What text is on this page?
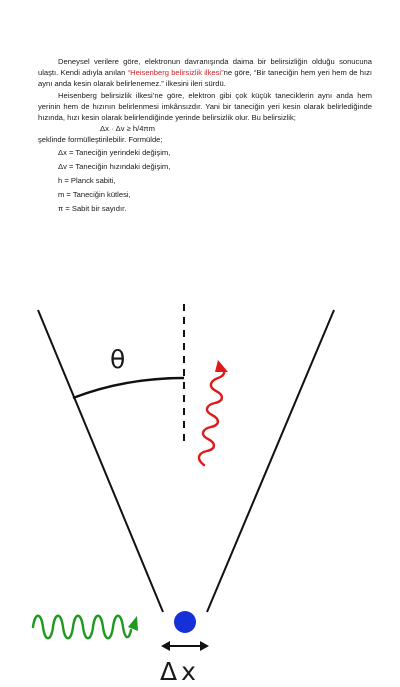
Deneysel verilere göre, elektronun davranışında daima bir belirsizliğin olduğu sonucuna ulaştı. Kendi adıyla anılan “Heisenberg belirsizlik ilkesi”ne göre, “Bir taneciğin hem yeri hem de hızı aynı anda kesin olarak belirlenemez.” ilkesini ileri sürdü.

Heisenberg belirsizlik ilkesi’ne göre, elektron gibi çok küçük taneciklerin aynı anda hem yerinin hem de hızının belirlenmesi imkânsızdır. Yani bir taneciğin yeri kesin olarak belirlediğinde hızında, hızı kesin olarak belirlendiğinde yerinde belirsizlik olur. Bu belirsizlik;

Δx · Δv ≥ h/4πm

şeklinde formülleştirilebilir. Formülde;

Δx = Taneciğin yerindeki değişim,

Δv = Taneciğin hızındaki değişim,

h = Planck sabiti,

m = Taneciğin kütlesi,

π = Sabit bir sayıdır.

θ
Δx
